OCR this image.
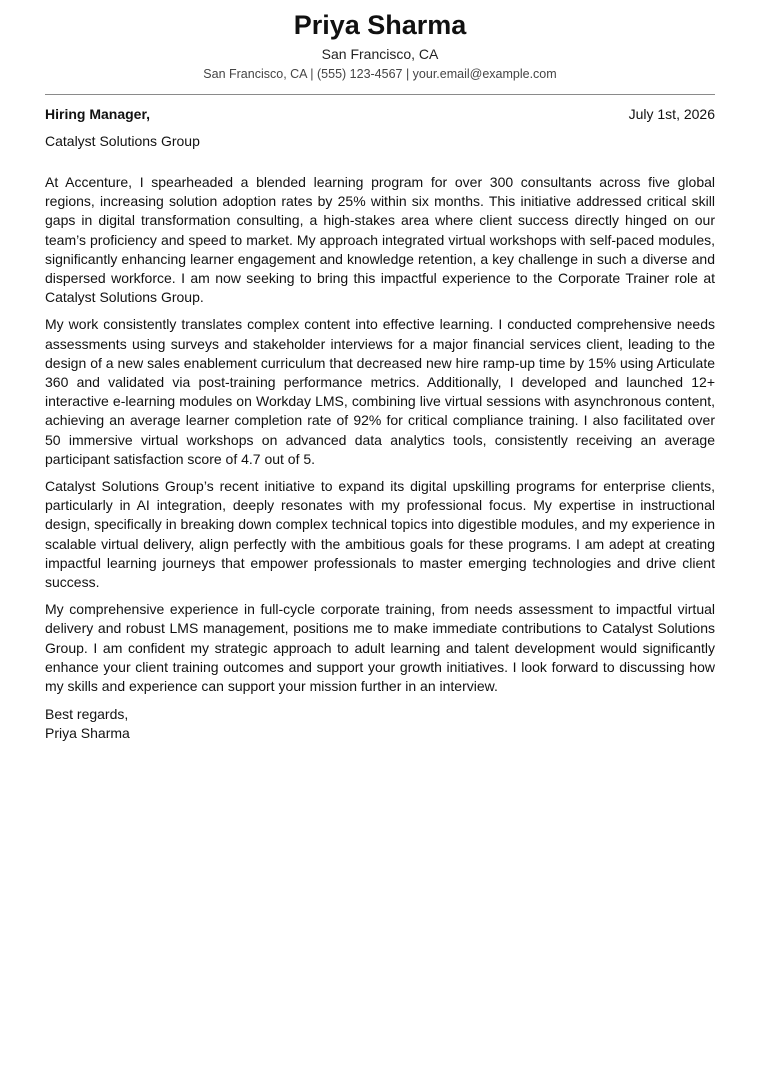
Priya Sharma
San Francisco, CA
San Francisco, CA | (555) 123-4567 | your.email@example.com
Hiring Manager,	July 1st, 2026
Catalyst Solutions Group

At Accenture, I spearheaded a blended learning program for over 300 consultants across five global regions, increasing solution adoption rates by 25% within six months. This initiative addressed critical skill gaps in digital transformation consulting, a high-stakes area where client success directly hinged on our team’s proficiency and speed to market. My approach integrated virtual workshops with self-paced modules, significantly enhancing learner engagement and knowledge retention, a key challenge in such a diverse and dispersed workforce. I am now seeking to bring this impactful experience to the Corporate Trainer role at Catalyst Solutions Group.

My work consistently translates complex content into effective learning. I conducted comprehensive needs assessments using surveys and stakeholder interviews for a major financial services client, leading to the design of a new sales enablement curriculum that decreased new hire ramp-up time by 15% using Articulate 360 and validated via post-training performance metrics. Additionally, I developed and launched 12+ interactive e-learning modules on Workday LMS, combining live virtual sessions with asynchronous content, achieving an average learner completion rate of 92% for critical compliance training. I also facilitated over 50 immersive virtual workshops on advanced data analytics tools, consistently receiving an average participant satisfaction score of 4.7 out of 5.

Catalyst Solutions Group’s recent initiative to expand its digital upskilling programs for enterprise clients, particularly in AI integration, deeply resonates with my professional focus. My expertise in instructional design, specifically in breaking down complex technical topics into digestible modules, and my experience in scalable virtual delivery, align perfectly with the ambitious goals for these programs. I am adept at creating impactful learning journeys that empower professionals to master emerging technologies and drive client success.

My comprehensive experience in full-cycle corporate training, from needs assessment to impactful virtual delivery and robust LMS management, positions me to make immediate contributions to Catalyst Solutions Group. I am confident my strategic approach to adult learning and talent development would significantly enhance your client training outcomes and support your growth initiatives. I look forward to discussing how my skills and experience can support your mission further in an interview.

Best regards,
Priya Sharma
